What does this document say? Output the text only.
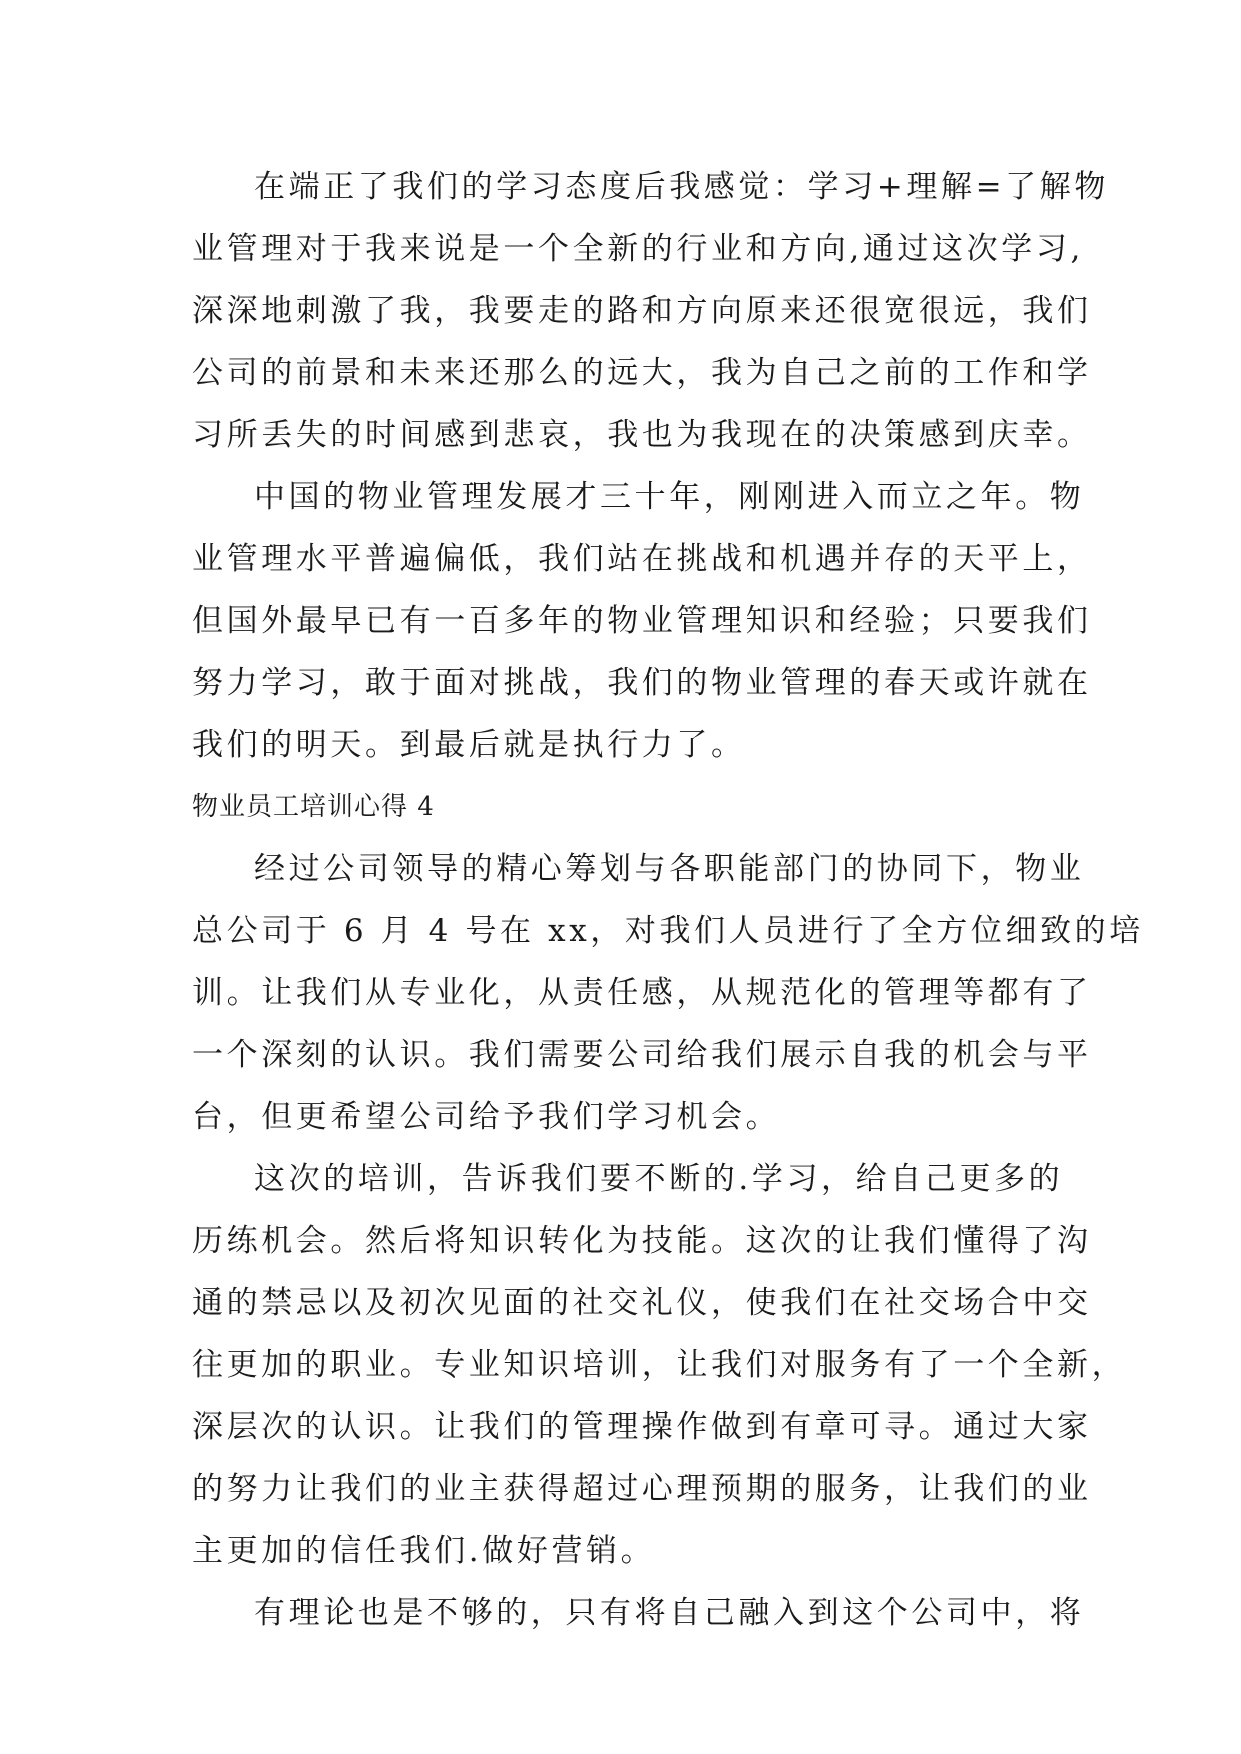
在端正了我们的学习态度后我感觉：学习+理解=了解物
业管理对于我来说是一个全新的行业和方向,通过这次学习,
深深地刺激了我，我要走的路和方向原来还很宽很远，我们
公司的前景和未来还那么的远大，我为自己之前的工作和学
习所丢失的时间感到悲哀，我也为我现在的决策感到庆幸。
中国的物业管理发展才三十年，刚刚进入而立之年。物
业管理水平普遍偏低，我们站在挑战和机遇并存的天平上，
但国外最早已有一百多年的物业管理知识和经验；只要我们
努力学习，敢于面对挑战，我们的物业管理的春天或许就在
我们的明天。到最后就是执行力了。
物业员工培训心得 4
经过公司领导的精心筹划与各职能部门的协同下，物业
总公司于 6 月 4 号在 xx，对我们人员进行了全方位细致的培
训。让我们从专业化，从责任感，从规范化的管理等都有了
一个深刻的认识。我们需要公司给我们展示自我的机会与平
台，但更希望公司给予我们学习机会。
这次的培训，告诉我们要不断的.学习，给自己更多的
历练机会。然后将知识转化为技能。这次的让我们懂得了沟
通的禁忌以及初次见面的社交礼仪，使我们在社交场合中交
往更加的职业。专业知识培训，让我们对服务有了一个全新，
深层次的认识。让我们的管理操作做到有章可寻。通过大家
的努力让我们的业主获得超过心理预期的服务，让我们的业
主更加的信任我们.做好营销。
有理论也是不够的，只有将自己融入到这个公司中，将
